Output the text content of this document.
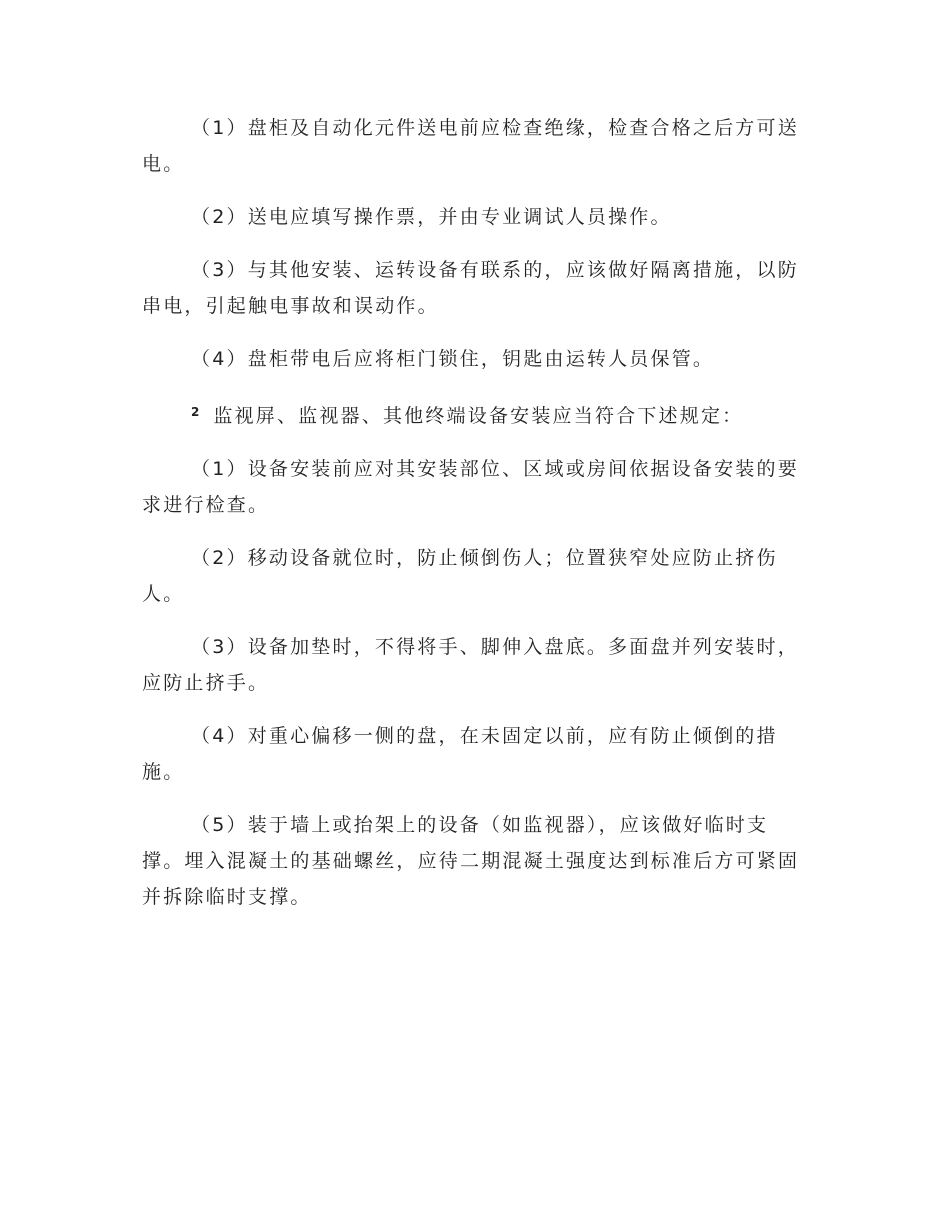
（1）盘柜及自动化元件送电前应检查绝缘，检查合格之后方可送电。

（2）送电应填写操作票，并由专业调试人员操作。

（3）与其他安装、运转设备有联系的，应该做好隔离措施，以防串电，引起触电事故和误动作。

（4）盘柜带电后应将柜门锁住，钥匙由运转人员保管。

$^2$ 监视屏、监视器、其他终端设备安装应当符合下述规定：

（1）设备安装前应对其安装部位、区域或房间依据设备安装的要求进行检查。

（2）移动设备就位时，防止倾倒伤人；位置狭窄处应防止挤伤人。

（3）设备加垫时，不得将手、脚伸入盘底。多面盘并列安装时，应防止挤手。

（4）对重心偏移一侧的盘，在未固定以前，应有防止倾倒的措施。

（5）装于墙上或抬架上的设备（如监视器），应该做好临时支撑。埋入混凝土的基础螺丝，应待二期混凝土强度达到标准后方可紧固并拆除临时支撑。
